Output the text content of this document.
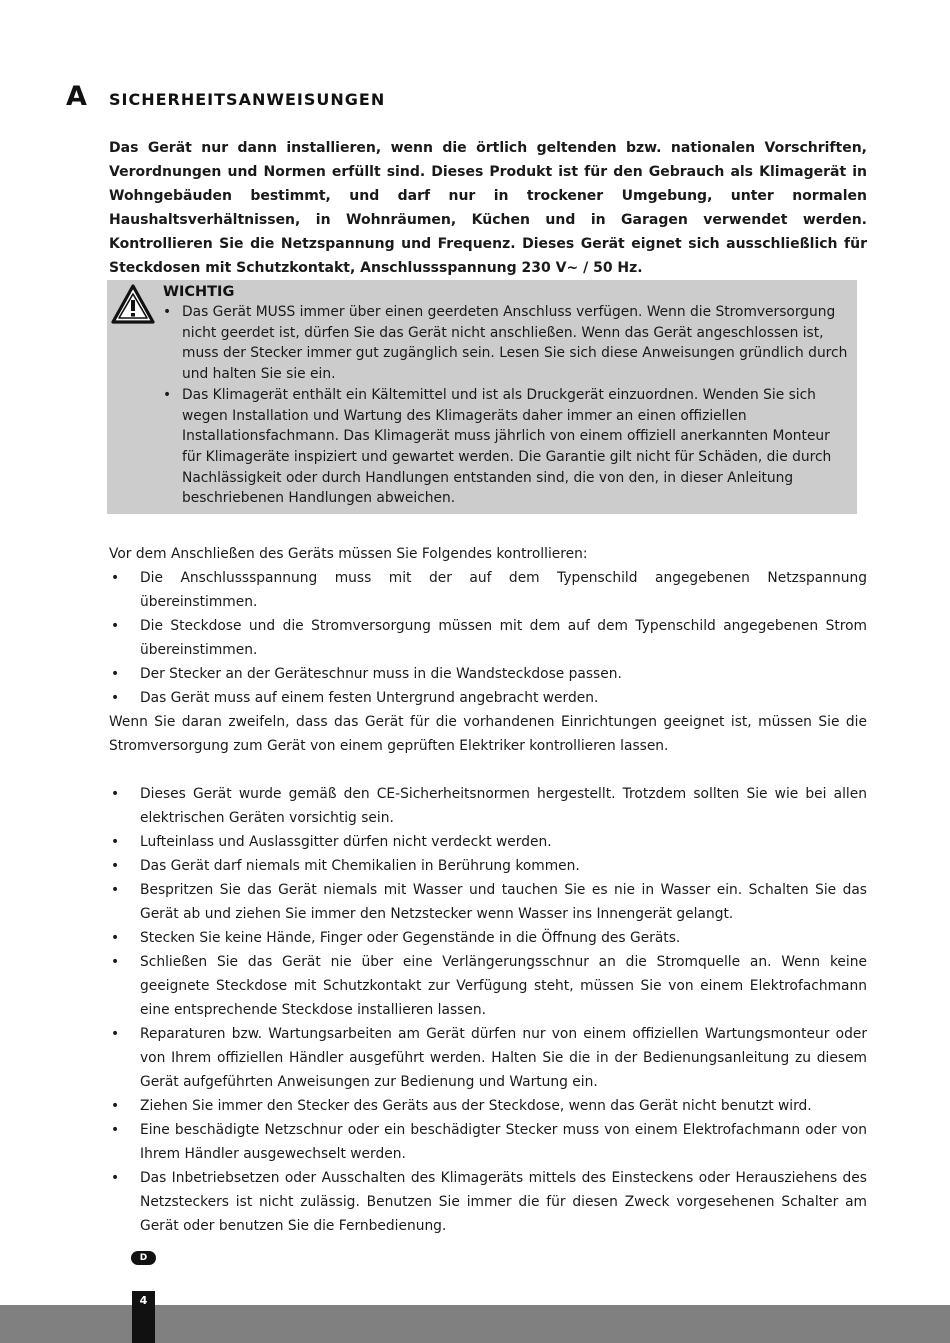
A SICHERHEITSANWEISUNGEN

Das Gerät nur dann installieren, wenn die örtlich geltenden bzw. nationalen Vorschriften, Verordnungen und Normen erfüllt sind. Dieses Produkt ist für den Gebrauch als Klimagerät in Wohngebäuden bestimmt, und darf nur in trockener Umgebung, unter normalen Haushaltsverhältnissen, in Wohnräumen, Küchen und in Garagen verwendet werden. Kontrollieren Sie die Netzspannung und Frequenz. Dieses Gerät eignet sich ausschließlich für Steckdosen mit Schutzkontakt, Anschlussspannung 230 V~ / 50 Hz.

WICHTIG
• Das Gerät MUSS immer über einen geerdeten Anschluss verfügen. Wenn die Stromversorgung nicht geerdet ist, dürfen Sie das Gerät nicht anschließen. Wenn das Gerät angeschlossen ist, muss der Stecker immer gut zugänglich sein. Lesen Sie sich diese Anweisungen gründlich durch und halten Sie sie ein.
• Das Klimagerät enthält ein Kältemittel und ist als Druckgerät einzuordnen. Wenden Sie sich wegen Installation und Wartung des Klimageräts daher immer an einen offiziellen Installationsfachmann. Das Klimagerät muss jährlich von einem offiziell anerkannten Monteur für Klimageräte inspiziert und gewartet werden. Die Garantie gilt nicht für Schäden, die durch Nachlässigkeit oder durch Handlungen entstanden sind, die von den, in dieser Anleitung beschriebenen Handlungen abweichen.

Vor dem Anschließen des Geräts müssen Sie Folgendes kontrollieren:

• Die Anschlussspannung muss mit der auf dem Typenschild angegebenen Netzspannung übereinstimmen.
• Die Steckdose und die Stromversorgung müssen mit dem auf dem Typenschild angegebenen Strom übereinstimmen.
• Der Stecker an der Geräteschnur muss in die Wandsteckdose passen.
• Das Gerät muss auf einem festen Untergrund angebracht werden.

Wenn Sie daran zweifeln, dass das Gerät für die vorhandenen Einrichtungen geeignet ist, müssen Sie die Stromversorgung zum Gerät von einem geprüften Elektriker kontrollieren lassen.

• Dieses Gerät wurde gemäß den CE-Sicherheitsnormen hergestellt. Trotzdem sollten Sie wie bei allen elektrischen Geräten vorsichtig sein.
• Lufteinlass und Auslassgitter dürfen nicht verdeckt werden.
• Das Gerät darf niemals mit Chemikalien in Berührung kommen.
• Bespritzen Sie das Gerät niemals mit Wasser und tauchen Sie es nie in Wasser ein. Schalten Sie das Gerät ab und ziehen Sie immer den Netzstecker wenn Wasser ins Innengerät gelangt.
• Stecken Sie keine Hände, Finger oder Gegenstände in die Öffnung des Geräts.
• Schließen Sie das Gerät nie über eine Verlängerungsschnur an die Stromquelle an. Wenn keine geeignete Steckdose mit Schutzkontakt zur Verfügung steht, müssen Sie von einem Elektrofachmann eine entsprechende Steckdose installieren lassen.
• Reparaturen bzw. Wartungsarbeiten am Gerät dürfen nur von einem offiziellen Wartungsmonteur oder von Ihrem offiziellen Händler ausgeführt werden. Halten Sie die in der Bedienungsanleitung zu diesem Gerät aufgeführten Anweisungen zur Bedienung und Wartung ein.
• Ziehen Sie immer den Stecker des Geräts aus der Steckdose, wenn das Gerät nicht benutzt wird.
• Eine beschädigte Netzschnur oder ein beschädigter Stecker muss von einem Elektrofachmann oder von Ihrem Händler ausgewechselt werden.
• Das Inbetriebsetzen oder Ausschalten des Klimageräts mittels des Einsteckens oder Herausziehens des Netzsteckers ist nicht zulässig. Benutzen Sie immer die für diesen Zweck vorgesehenen Schalter am Gerät oder benutzen Sie die Fernbedienung.
D
4
